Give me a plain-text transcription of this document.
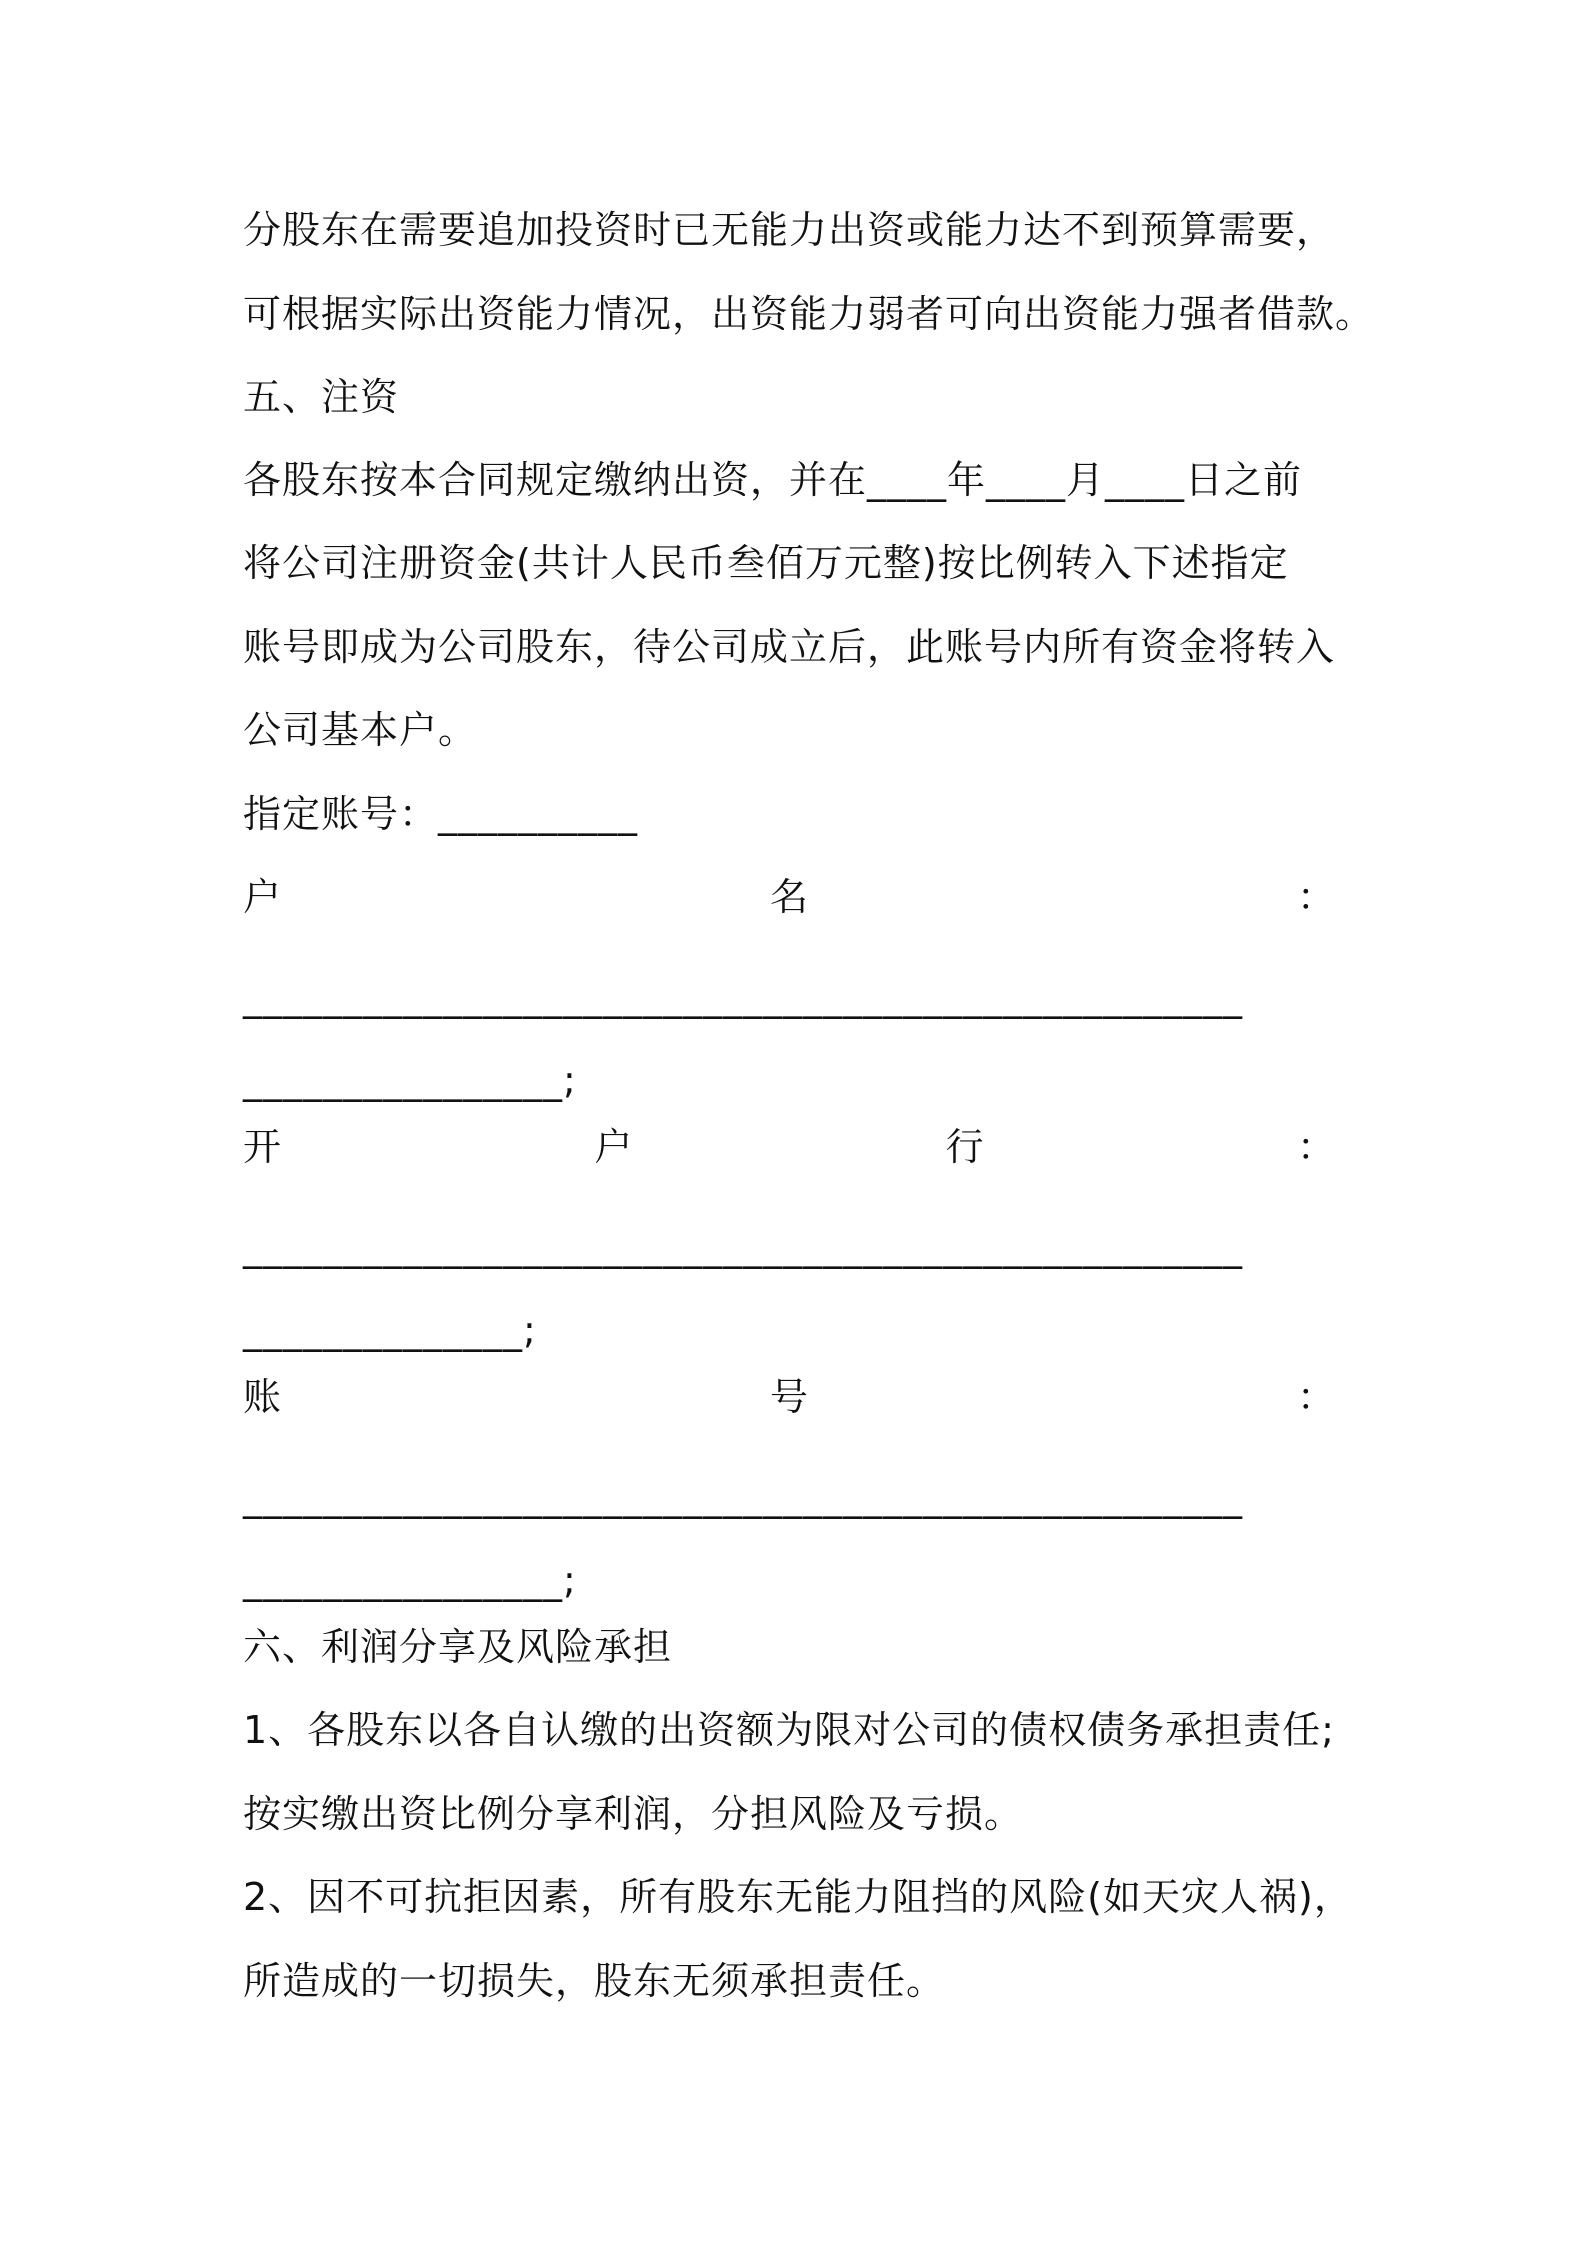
分股东在需要追加投资时已无能力出资或能力达不到预算需要，
可根据实际出资能力情况，出资能力弱者可向出资能力强者借款。
五、注资
各股东按本合同规定缴纳出资，并在____年____月____日之前
将公司注册资金(共计人民币叁佰万元整)按比例转入下述指定
账号即成为公司股东，待公司成立后，此账号内所有资金将转入
公司基本户。
指定账号：__________
户	名	：
__________________________________________________
________________;
开	户	行	：
__________________________________________________
______________;
账	号	：
__________________________________________________
________________;
六、利润分享及风险承担
1、各股东以各自认缴的出资额为限对公司的债权债务承担责任;
按实缴出资比例分享利润，分担风险及亏损。
2、因不可抗拒因素，所有股东无能力阻挡的风险(如天灾人祸)，
所造成的一切损失，股东无须承担责任。
